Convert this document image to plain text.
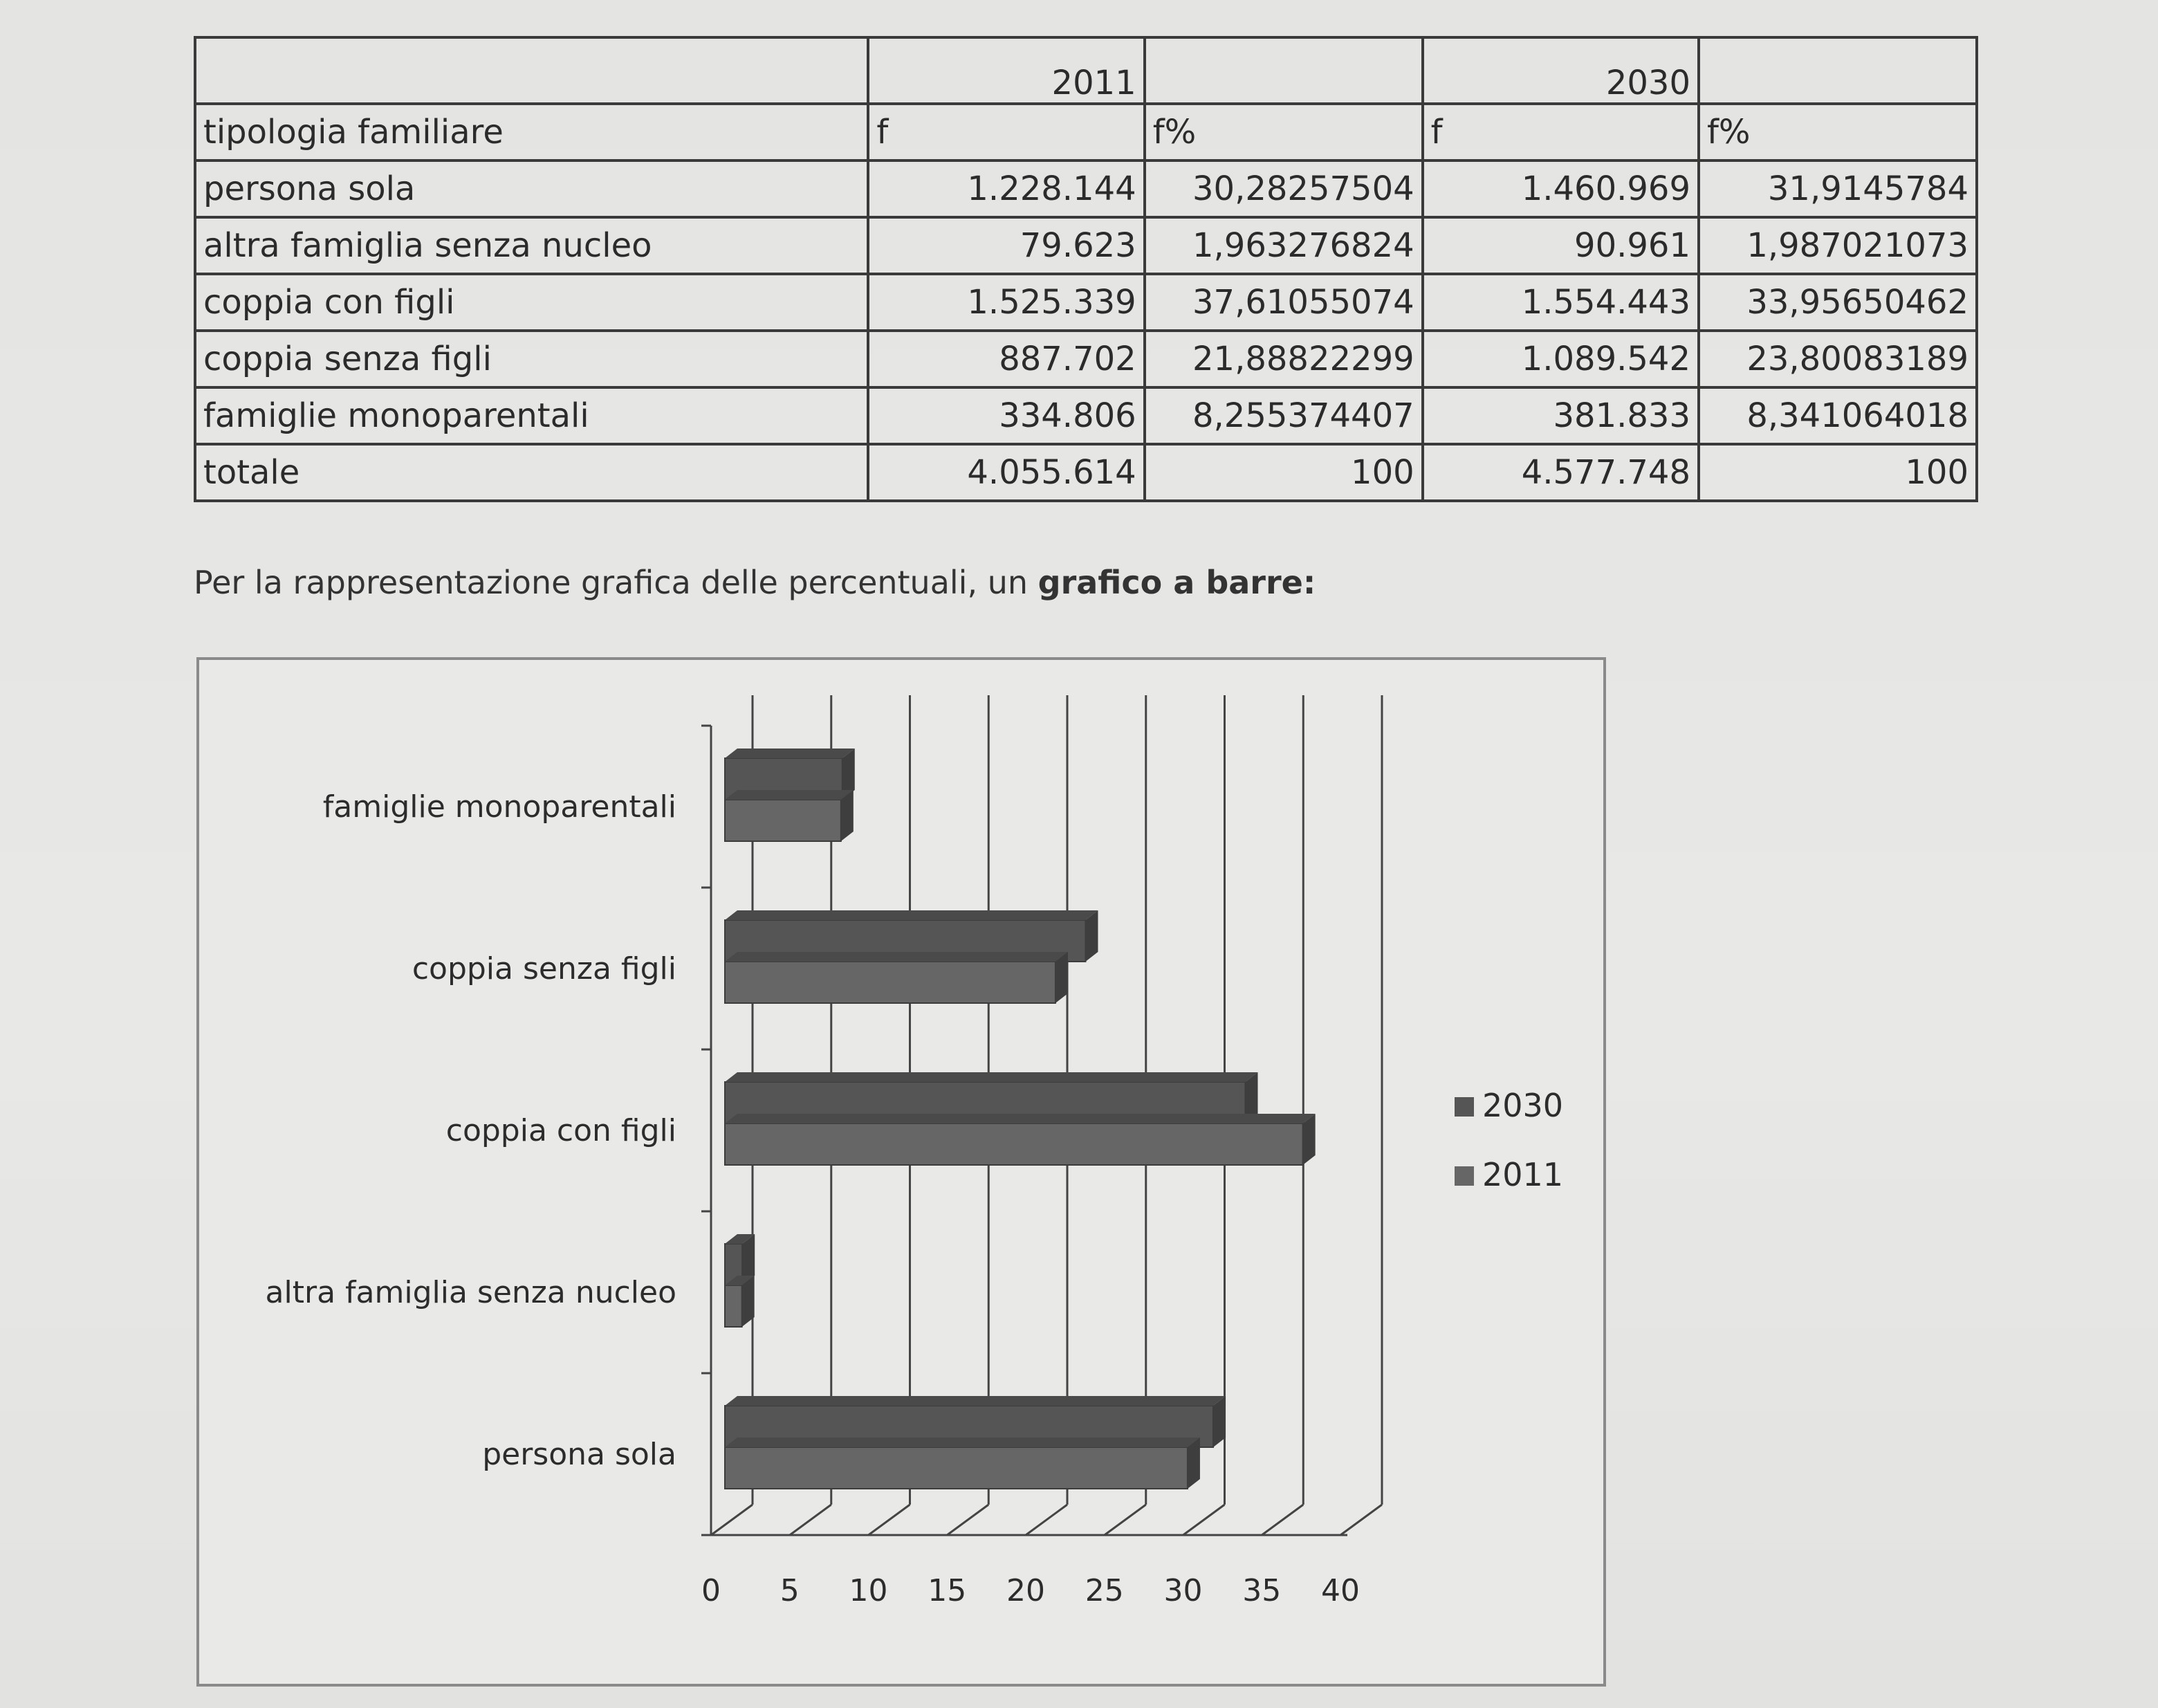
	2011		2030	
tipologia familiare	f	f%	f	f%
persona sola	1.228.144	30,28257504	1.460.969	31,9145784
altra famiglia senza nucleo	79.623	1,963276824	90.961	1,987021073
coppia con figli	1.525.339	37,61055074	1.554.443	33,95650462
coppia senza figli	887.702	21,88822299	1.089.542	23,80083189
famiglie monoparentali	334.806	8,255374407	381.833	8,341064018
totale	4.055.614	100	4.577.748	100
Per la rappresentazione grafica delle percentuali, un grafico a barre:
0 5 10 15 20 25 30 35 40
persona sola
altra famiglia senza nucleo
coppia con figli
coppia senza figli
famiglie monoparentali
2030
2011
